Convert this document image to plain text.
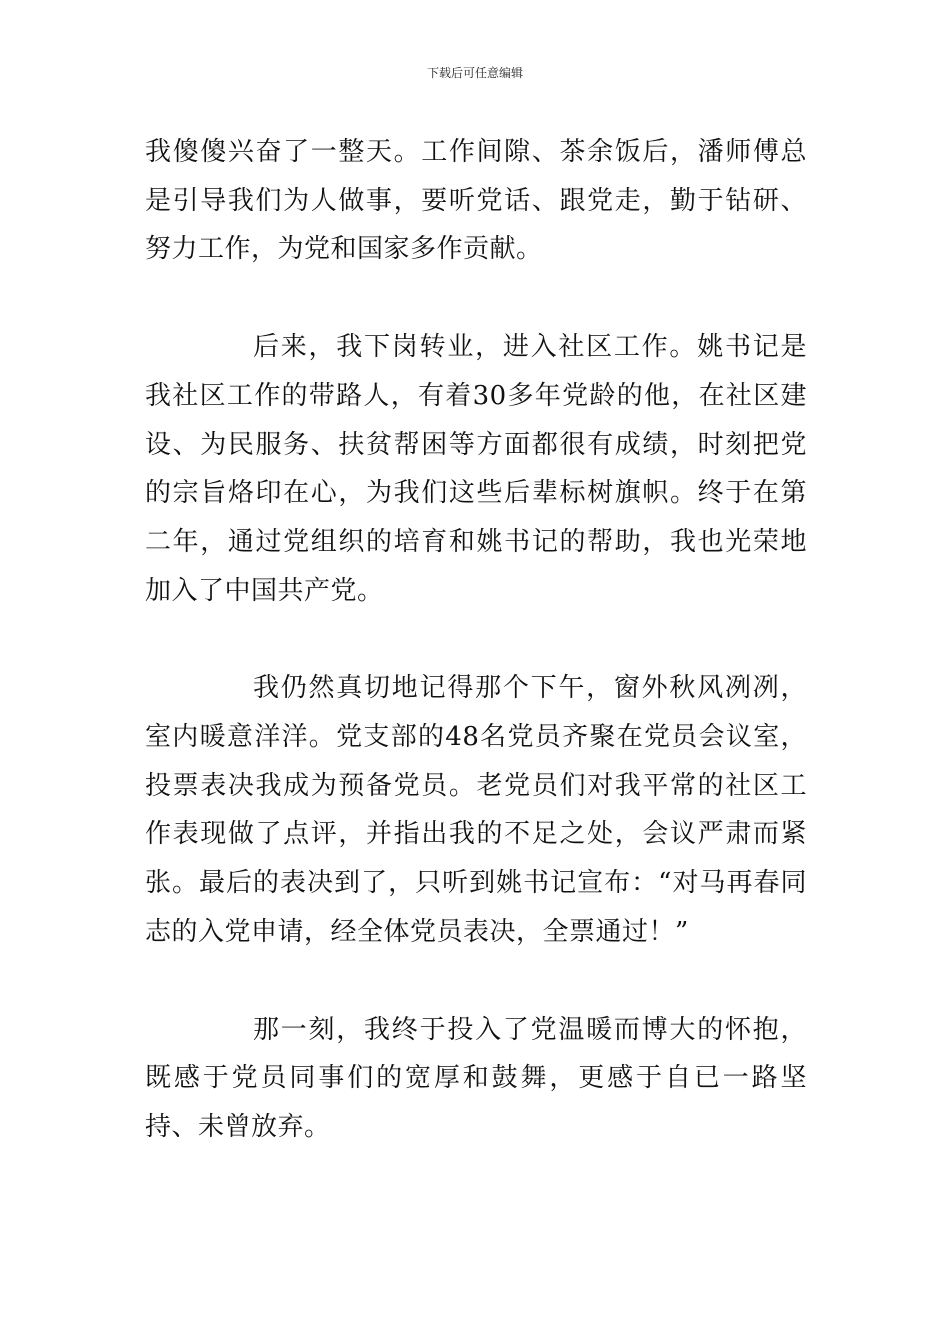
下载后可任意编辑

我傻傻兴奋了一整天。工作间隙、茶余饭后，潘师傅总是引导我们为人做事，要听党话、跟党走，勤于钻研、努力工作，为党和国家多作贡献。

后来，我下岗转业，进入社区工作。姚书记是我社区工作的带路人，有着30多年党龄的他，在社区建设、为民服务、扶贫帮困等方面都很有成绩，时刻把党的宗旨烙印在心，为我们这些后辈标树旗帜。终于在第二年，通过党组织的培育和姚书记的帮助，我也光荣地加入了中国共产党。

我仍然真切地记得那个下午，窗外秋风冽冽，室内暖意洋洋。党支部的48名党员齐聚在党员会议室，投票表决我成为预备党员。老党员们对我平常的社区工作表现做了点评，并指出我的不足之处，会议严肃而紧张。最后的表决到了，只听到姚书记宣布：“对马再春同志的入党申请，经全体党员表决，全票通过！”

那一刻，我终于投入了党温暖而博大的怀抱，既感于党员同事们的宽厚和鼓舞，更感于自已一路坚持、未曾放弃。
